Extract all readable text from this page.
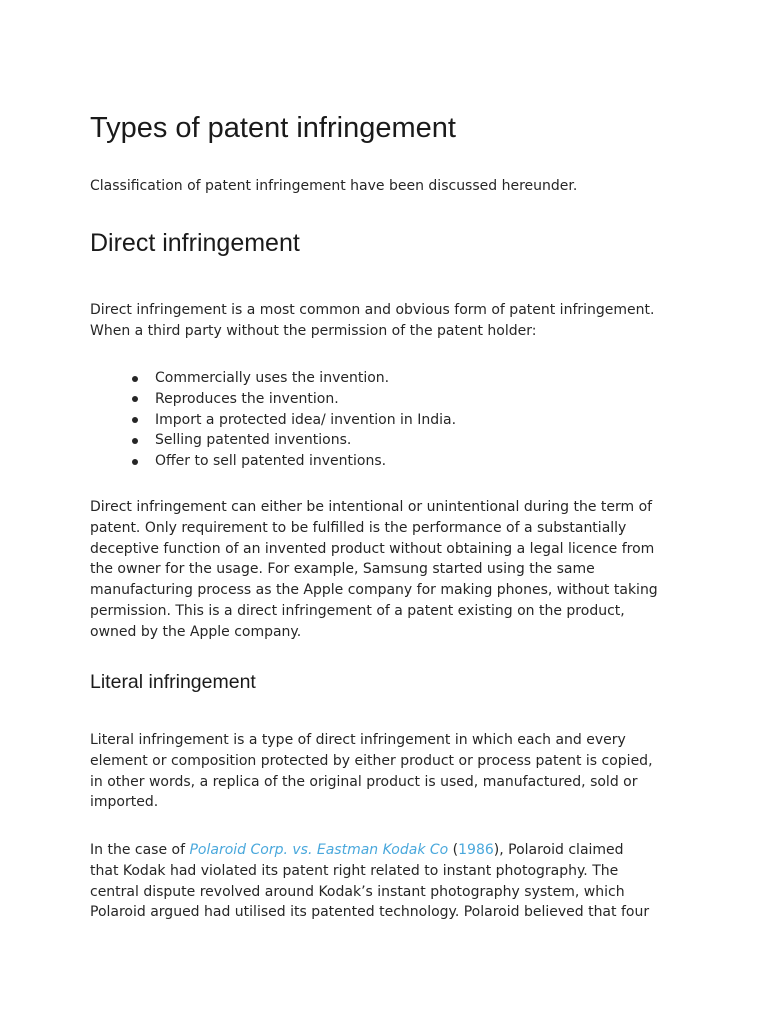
Types of patent infringement

Classification of patent infringement have been discussed hereunder.

Direct infringement

Direct infringement is a most common and obvious form of patent infringement.

When a third party without the permission of the patent holder:

Commercially uses the invention.
Reproduces the invention.
Import a protected idea/ invention in India.
Selling patented inventions.
Offer to sell patented inventions.

Direct infringement can either be intentional or unintentional during the term of

patent. Only requirement to be fulfilled is the performance of a substantially

deceptive function of an invented product without obtaining a legal licence from

the owner for the usage. For example, Samsung started using the same

manufacturing process as the Apple company for making phones, without taking

permission. This is a direct infringement of a patent existing on the product,

owned by the Apple company.

Literal infringement

Literal infringement is a type of direct infringement in which each and every

element or composition protected by either product or process patent is copied,

in other words, a replica of the original product is used, manufactured, sold or

imported.

In the case of Polaroid Corp. vs. Eastman Kodak Co (1986), Polaroid claimed

that Kodak had violated its patent right related to instant photography. The

central dispute revolved around Kodak’s instant photography system, which

Polaroid argued had utilised its patented technology. Polaroid believed that four
